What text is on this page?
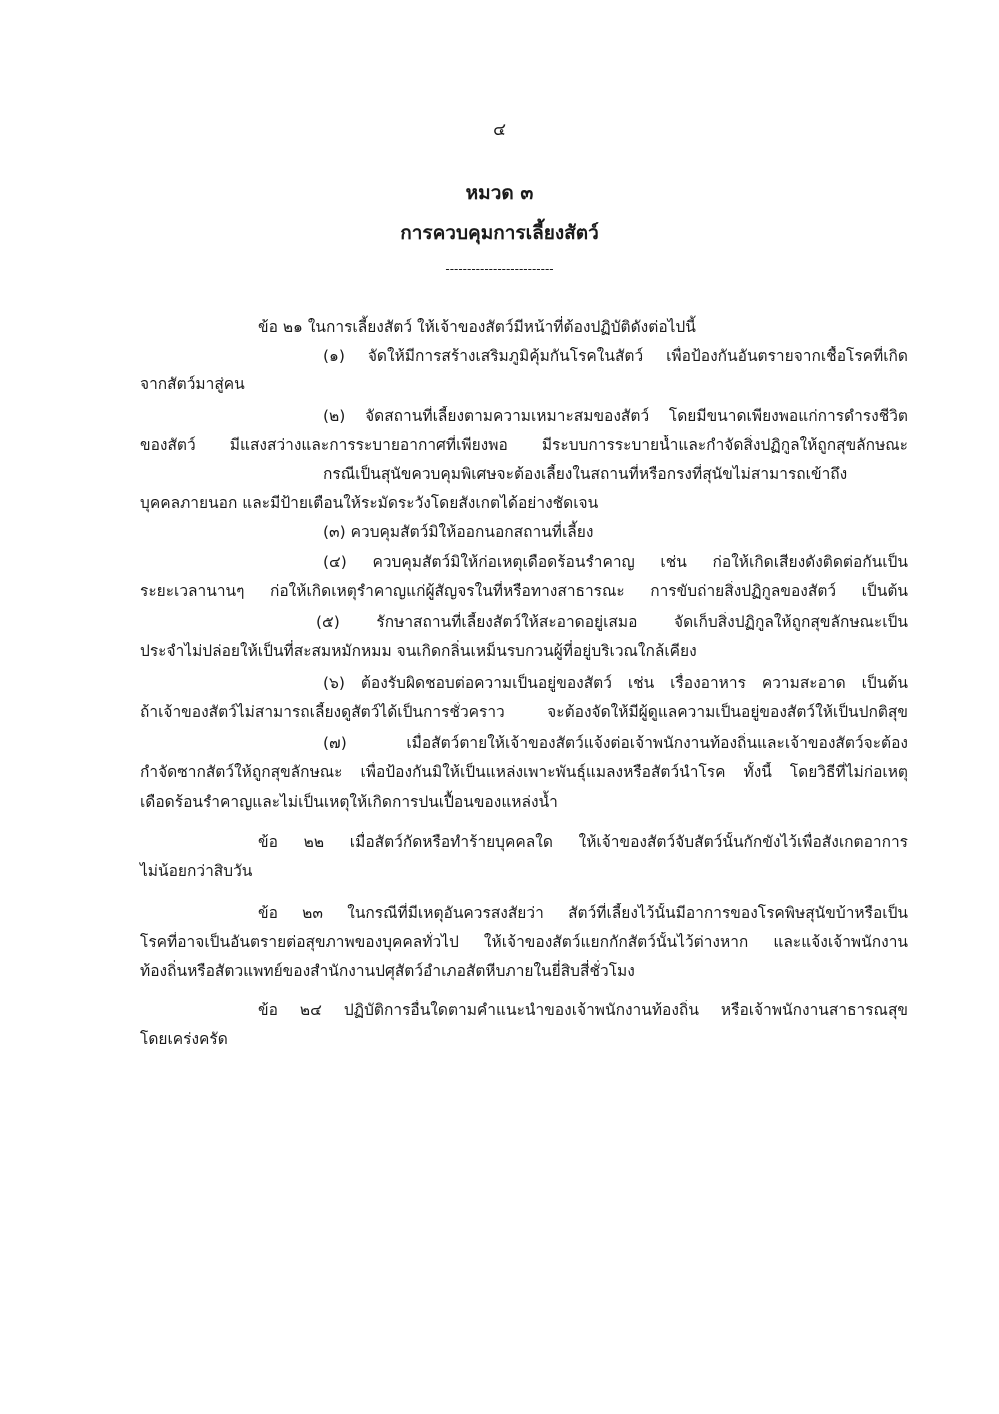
๔
หมวด ๓
การควบคุมการเลี้ยงสัตว์
-------------------------
ข้อ ๒๑ ในการเลี้ยงสัตว์ ให้เจ้าของสัตว์มีหน้าที่ต้องปฏิบัติดังต่อไปนี้
(๑) จัดให้มีการสร้างเสริมภูมิคุ้มกันโรคในสัตว์ เพื่อป้องกันอันตรายจากเชื้อโรคที่เกิด
จากสัตว์มาสู่คน
(๒) จัดสถานที่เลี้ยงตามความเหมาะสมของสัตว์ โดยมีขนาดเพียงพอแก่การดำรงชีวิต
ของสัตว์ มีแสงสว่างและการระบายอากาศที่เพียงพอ มีระบบการระบายน้ำและกำจัดสิ่งปฏิกูลให้ถูกสุขลักษณะ
กรณีเป็นสุนัขควบคุมพิเศษจะต้องเลี้ยงในสถานที่หรือกรงที่สุนัขไม่สามารถเข้าถึง
บุคคลภายนอก และมีป้ายเตือนให้ระมัดระวังโดยสังเกตได้อย่างชัดเจน
(๓) ควบคุมสัตว์มิให้ออกนอกสถานที่เลี้ยง
(๔) ควบคุมสัตว์มิให้ก่อเหตุเดือดร้อนรำคาญ เช่น ก่อให้เกิดเสียงดังติดต่อกันเป็น
ระยะเวลานานๆ ก่อให้เกิดเหตุรำคาญแก่ผู้สัญจรในที่หรือทางสาธารณะ การขับถ่ายสิ่งปฏิกูลของสัตว์ เป็นต้น
(๕) รักษาสถานที่เลี้ยงสัตว์ให้สะอาดอยู่เสมอ จัดเก็บสิ่งปฏิกูลให้ถูกสุขลักษณะเป็น
ประจำไม่ปล่อยให้เป็นที่สะสมหมักหมม จนเกิดกลิ่นเหม็นรบกวนผู้ที่อยู่บริเวณใกล้เคียง
(๖) ต้องรับผิดชอบต่อความเป็นอยู่ของสัตว์ เช่น เรื่องอาหาร ความสะอาด เป็นต้น
ถ้าเจ้าของสัตว์ไม่สามารถเลี้ยงดูสัตว์ได้เป็นการชั่วคราว จะต้องจัดให้มีผู้ดูแลความเป็นอยู่ของสัตว์ให้เป็นปกติสุข
(๗) เมื่อสัตว์ตายให้เจ้าของสัตว์แจ้งต่อเจ้าพนักงานท้องถิ่นและเจ้าของสัตว์จะต้อง
กำจัดซากสัตว์ให้ถูกสุขลักษณะ เพื่อป้องกันมิให้เป็นแหล่งเพาะพันธุ์แมลงหรือสัตว์นำโรค ทั้งนี้ โดยวิธีที่ไม่ก่อเหตุ
เดือดร้อนรำคาญและไม่เป็นเหตุให้เกิดการปนเปื้อนของแหล่งน้ำ
ข้อ ๒๒ เมื่อสัตว์กัดหรือทำร้ายบุคคลใด ให้เจ้าของสัตว์จับสัตว์นั้นกักขังไว้เพื่อสังเกตอาการ
ไม่น้อยกว่าสิบวัน
ข้อ ๒๓ ในกรณีที่มีเหตุอันควรสงสัยว่า สัตว์ที่เลี้ยงไว้นั้นมีอาการของโรคพิษสุนัขบ้าหรือเป็น
โรคที่อาจเป็นอันตรายต่อสุขภาพของบุคคลทั่วไป ให้เจ้าของสัตว์แยกกักสัตว์นั้นไว้ต่างหาก และแจ้งเจ้าพนักงาน
ท้องถิ่นหรือสัตวแพทย์ของสำนักงานปศุสัตว์อำเภอสัตหีบภายในยี่สิบสี่ชั่วโมง
ข้อ ๒๔ ปฏิบัติการอื่นใดตามคำแนะนำของเจ้าพนักงานท้องถิ่น หรือเจ้าพนักงานสาธารณสุข
โดยเคร่งครัด
